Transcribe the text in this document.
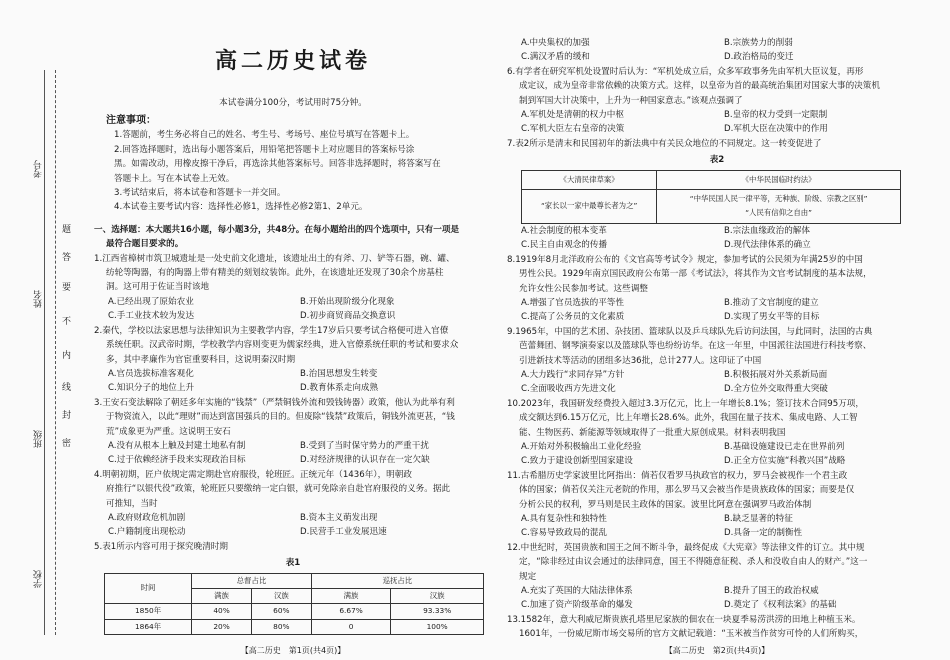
考号
姓名
班级
学校
题
答
要
不
内
线
封
密
高二历史试卷
本试卷满分100分，考试用时75分钟。
注意事项：

1.答题前，考生务必将自己的姓名、考生号、考场号、座位号填写在答题卡上。

2.回答选择题时，选出每小题答案后，用铅笔把答题卡上对应题目的答案标号涂

黑。如需改动，用橡皮擦干净后，再选涂其他答案标号。回答非选择题时，将答案写在

答题卡上。写在本试卷上无效。

3.考试结束后，将本试卷和答题卡一并交回。

4.本试卷主要考试内容：选择性必修1，选择性必修2第1、2单元。

一、选择题：本大题共16小题，每小题3分，共48分。在每小题给出的四个选项中，只有一项是
最符合题目要求的。
1.江西省樟树市筑卫城遗址是一处史前文化遗址，该遗址出土的有斧、刀、铲等石器，碗、罐、
纺轮等陶器，有的陶器上带有精美的刻划纹装饰。此外，在该遗址还发现了30余个房基柱
洞。这可用于佐证当时该地
A.已经出现了原始农业	B.开始出现阶级分化现象
C.手工业技术较为发达	D.初步商贸商品交换意识
2.秦代，学校以法家思想与法律知识为主要教学内容，学生17岁后只要考试合格便可进入官僚
系统任职。汉武帝时期，学校教学内容则变更为儒家经典，进入官僚系统任职的考试和要求众
多，其中孝廉作为官宦重要科目，这说明秦汉时期
A.官员选拔标准客观化	B.治国思想发生转变
C.知识分子的地位上升	D.教育体系走向成熟
3.王安石变法解除了朝廷多年实施的“钱禁”（严禁铜钱外流和毁钱铸器）政策，他认为此举有利
于物资流入，以此“理财”而达到富国强兵的目的。但废除“钱禁”政策后，铜钱外流更甚，“钱
荒”成象更为严重。这说明王安石
A.没有从根本上触及封建土地私有制	B.受到了当时保守势力的严重干扰
C.过于依赖经济手段来实现政治目标	D.对经济规律的认识存在一定欠缺
4.明朝初期，匠户依规定需定期赴官府服役，轮班匠。正统元年（1436年），明朝政
府推行“以银代役”政策，轮班匠只要缴纳一定白银，就可免除亲自赴官府服役的义务。据此
可推知，当时
A.政府财政危机加剧	B.资本主义萌发出现
C.户籍制度出现松动	D.民营手工业发展迅速
5.表1所示内容可用于探究晚清时期
表1
时间	总督占比		巡抚占比	
	满族	汉族	满族	汉族
1850年	40%	60%	6.67%	93.33%
1864年	20%	80%	0	100%
【高二历史　第1页(共4页)】
A.中央集权的加强	B.宗族势力的削弱
C.满汉矛盾的缓和	D.政治格局的变迁
6.有学者在研究军机处设置时后认为：“军机处成立后，众多军政事务先由军机大臣议复，再形
成定议，成为皇帝非常依赖的决策方式。这样，以皇帝为首的最高统治集团对国家大事的决策机
制到军国大计决策中，上升为一种国家意志。”该观点强调了
A.军机处是清朝的权力中枢	B.皇帝的权力受到一定限制
C.军机大臣左右皇帝的决策	D.军机大臣在决策中的作用
7.表2所示是清末和民国初年的新法典中有关民众地位的不同规定。这一转变促进了
表2
《大清民律草案》	《中华民国临时约法》
“家长以一家中最尊长者为之”	“中华民国人民一律平等，无种族、阶级、宗教之区别”
“人民有信仰之自由”
A.社会制度的根本变革	B.宗法血缘政治的解体
C.民主自由观念的传播	D.现代法律体系的确立
8.1919年8月北洋政府公布的《文官高等考试令》规定，参加考试的公民须为年满25岁的中国
男性公民。1929年南京国民政府公布第一部《考试法》，将其作为文官考试制度的基本法规，
允许女性公民参加考试。这些调整
A.增强了官员选拔的平等性	B.推动了文官制度的建立
C.提高了公务员的文化素质	D.实现了男女平等的目标
9.1965年，中国的艺术团、杂技团、篮球队以及乒乓球队先后访问法国，与此同时，法国的古典
芭蕾舞团、钢琴演奏家以及篮球队等也纷纷访华。在这一年里，中国派往法国进行科技考察、
引进新技术等活动的团组多达36批，总计277人。这印证了中国
A.大力践行“求同存异”方针	B.积极拓展对外关系新局面
C.全面吸收西方先进文化	D.全方位外交取得重大突破
10.2023年，我国研发经费投入超过3.3万亿元，比上一年增长8.1%；签订技术合同95万项，
成交额达到6.15万亿元，比上年增长28.6%。此外，我国在量子技术、集成电路、人工智
能、生物医药、新能源等领域取得了一批重大原创成果。材料表明我国
A.开始对外积极输出工业化经验	B.基础设施建设已走在世界前列
C.致力于建设创新型国家建设	D.正全方位实施“科教兴国”战略
11.古希腊历史学家波里比阿指出：倘若仅看罗马执政官的权力，罗马会被视作一个君主政
体的国家；倘若仅关注元老院的作用，那么罗马又会被当作是贵族政体的国家；而要是仅
分析公民的权利，罗马则是民主政体的国家。波里比阿意在强调罗马政治体制
A.具有复杂性和独特性	B.缺乏显著的特征
C.容易导致政局的混乱	D.具备一定的制衡性
12.中世纪时，英国贵族和国王之间不断斗争，最终促成《大宪章》等法律文件的订立。其中规
定，“除非经过由议会通过的法律同意，国王不得随意征税、杀人和没收自由人的财产。”这一
规定
A.充实了英国的大陆法律体系	B.提升了国王的政治权威
C.加速了资产阶级革命的爆发	D.奠定了《权利法案》的基础
13.1582年，意大利威尼斯贵族孔塔里尼家族的佃农在一块夏季易涝洪涝的田地上种植玉米。
1601年，一份威尼斯市场交易所的官方文献记载道：“玉米被当作贫穷可怜的人们所购买，
【高二历史　第2页(共4页)】
